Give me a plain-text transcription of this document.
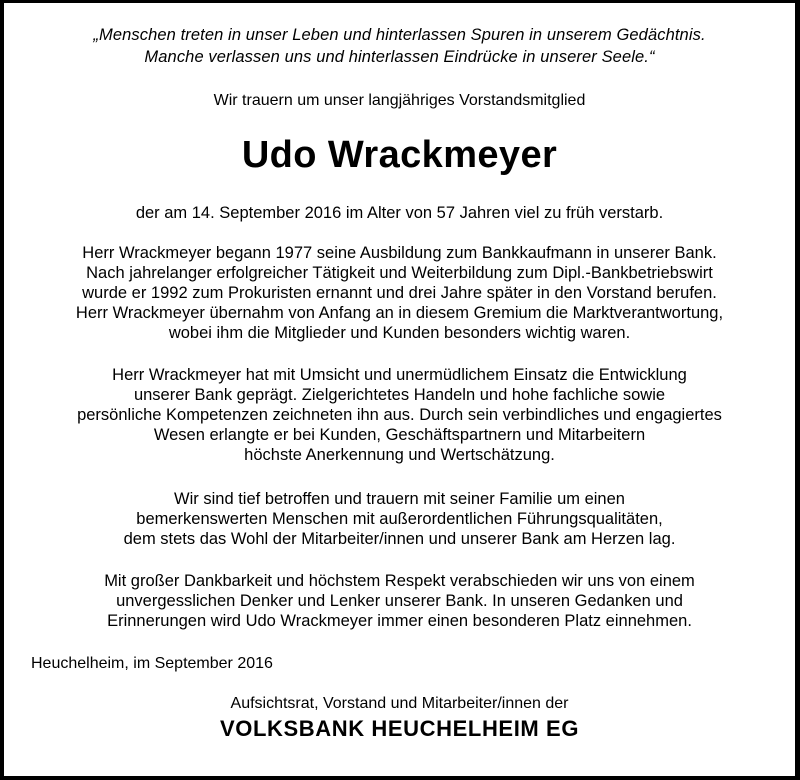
„Menschen treten in unser Leben und hinterlassen Spuren in unserem Gedächtnis.
Manche verlassen uns und hinterlassen Eindrücke in unserer Seele.“
Wir trauern um unser langjähriges Vorstandsmitglied
Udo Wrackmeyer
der am 14. September 2016 im Alter von 57 Jahren viel zu früh verstarb.
Herr Wrackmeyer begann 1977 seine Ausbildung zum Bankkaufmann in unserer Bank.
Nach jahrelanger erfolgreicher Tätigkeit und Weiterbildung zum Dipl.-Bankbetriebswirt
wurde er 1992 zum Prokuristen ernannt und drei Jahre später in den Vorstand berufen.
Herr Wrackmeyer übernahm von Anfang an in diesem Gremium die Marktverantwortung,
wobei ihm die Mitglieder und Kunden besonders wichtig waren.
Herr Wrackmeyer hat mit Umsicht und unermüdlichem Einsatz die Entwicklung
unserer Bank geprägt. Zielgerichtetes Handeln und hohe fachliche sowie
persönliche Kompetenzen zeichneten ihn aus. Durch sein verbindliches und engagiertes
Wesen erlangte er bei Kunden, Geschäftspartnern und Mitarbeitern
höchste Anerkennung und Wertschätzung.
Wir sind tief betroffen und trauern mit seiner Familie um einen
bemerkenswerten Menschen mit außerordentlichen Führungsqualitäten,
dem stets das Wohl der Mitarbeiter/innen und unserer Bank am Herzen lag.
Mit großer Dankbarkeit und höchstem Respekt verabschieden wir uns von einem
unvergesslichen Denker und Lenker unserer Bank. In unseren Gedanken und
Erinnerungen wird Udo Wrackmeyer immer einen besonderen Platz einnehmen.
Heuchelheim, im September 2016
Aufsichtsrat, Vorstand und Mitarbeiter/innen der
VOLKSBANK HEUCHELHEIM EG
